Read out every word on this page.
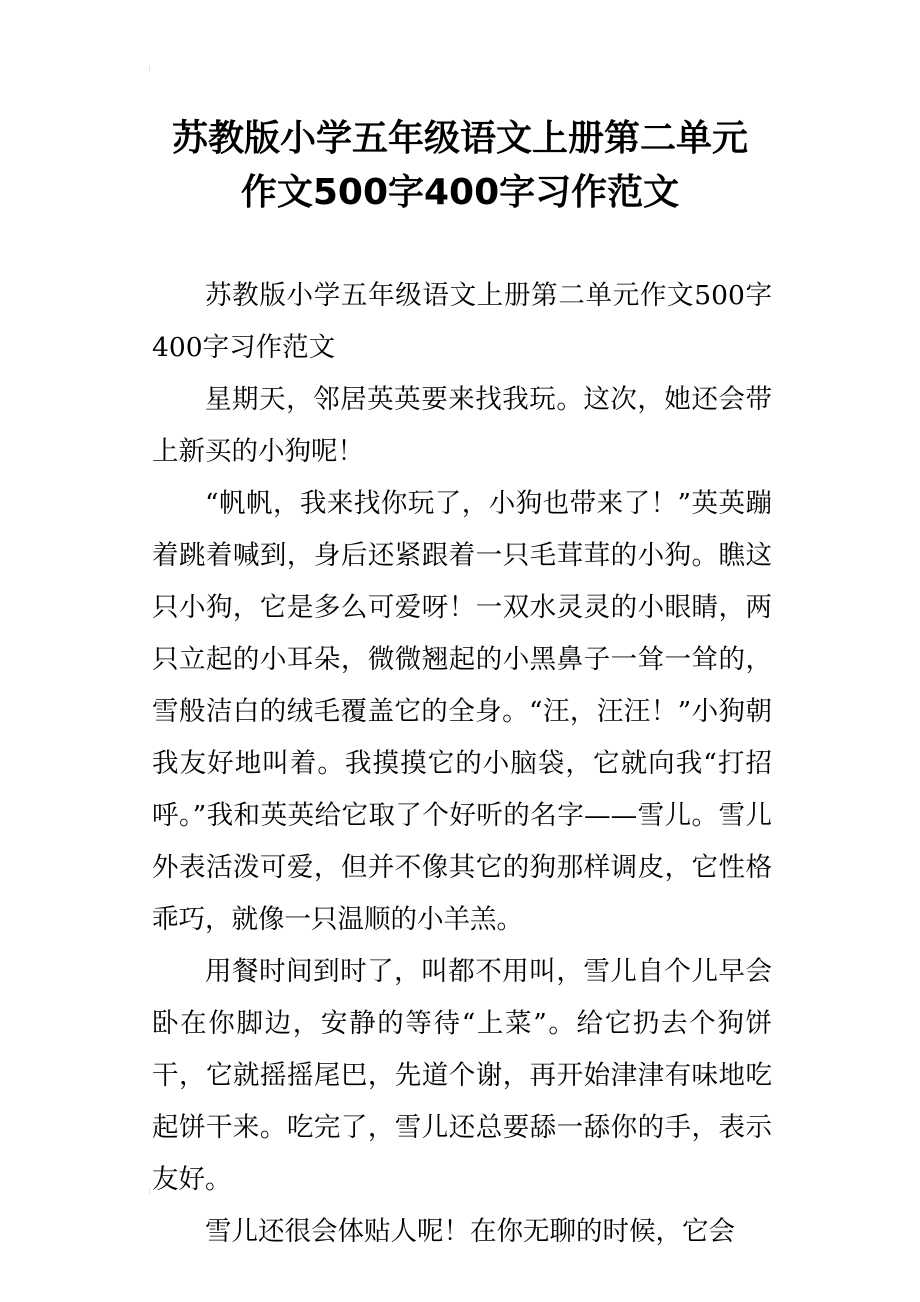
⁝
苏教版小学五年级语文上册第二单元
作文500字400字习作范文

苏教版小学五年级语文上册第二单元作文500字400字习作范文

星期天，邻居英英要来找我玩。这次，她还会带上新买的小狗呢！

“帆帆，我来找你玩了，小狗也带来了！”英英蹦着跳着喊到，身后还紧跟着一只毛茸茸的小狗。瞧这只小狗，它是多么可爱呀！一双水灵灵的小眼睛，两只立起的小耳朵，微微翘起的小黑鼻子一耸一耸的，雪般洁白的绒毛覆盖它的全身。“汪，汪汪！”小狗朝我友好地叫着。我摸摸它的小脑袋，它就向我“打招呼。”我和英英给它取了个好听的名字——雪儿。雪儿外表活泼可爱，但并不像其它的狗那样调皮，它性格乖巧，就像一只温顺的小羊羔。

用餐时间到时了，叫都不用叫，雪儿自个儿早会卧在你脚边，安静的等待“上菜”。给它扔去个狗饼干，它就摇摇尾巴，先道个谢，再开始津津有味地吃起饼干来。吃完了，雪儿还总要舔一舔你的手，表示友好。

雪儿还很会体贴人呢！在你无聊的时候，它会

⁝
